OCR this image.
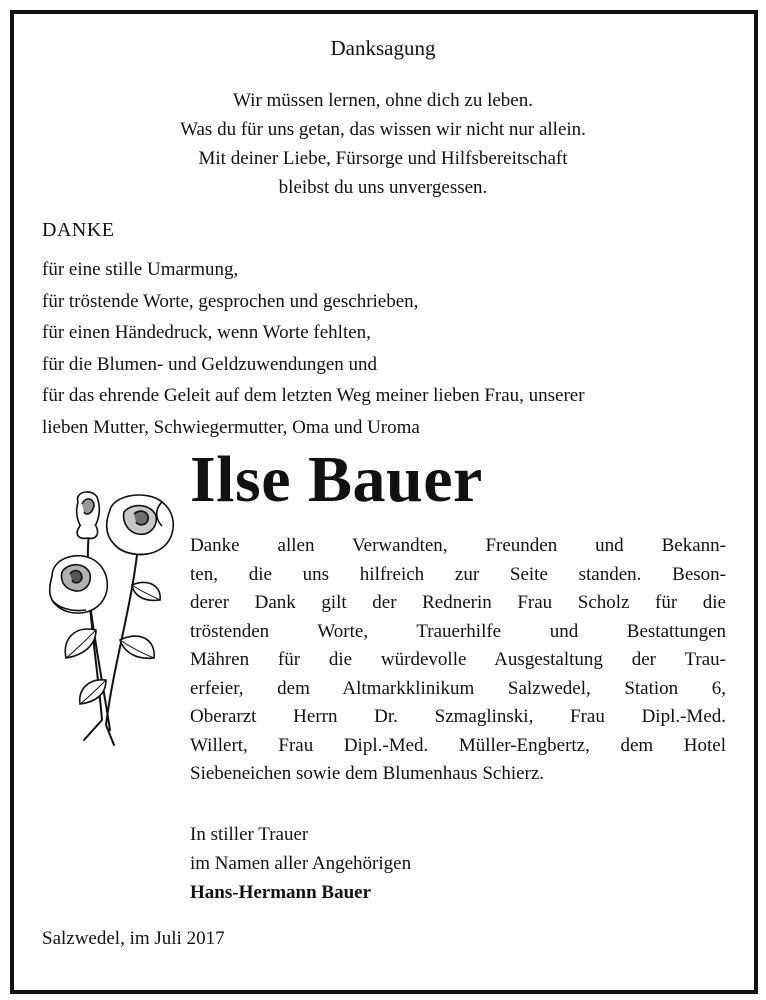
Danksagung
Wir müssen lernen, ohne dich zu leben.
Was du für uns getan, das wissen wir nicht nur allein.
Mit deiner Liebe, Fürsorge und Hilfsbereitschaft
bleibst du uns unvergessen.
DANKE
für eine stille Umarmung,
für tröstende Worte, gesprochen und geschrieben,
für einen Händedruck, wenn Worte fehlten,
für die Blumen- und Geldzuwendungen und
für das ehrende Geleit auf dem letzten Weg meiner lieben Frau, unserer
lieben Mutter, Schwiegermutter, Oma und Uroma
Ilse Bauer
Danke allen Verwandten, Freunden und Bekann-
ten, die uns hilfreich zur Seite standen. Beson-
derer Dank gilt der Rednerin Frau Scholz für die
tröstenden Worte, Trauerhilfe und Bestattungen
Mähren für die würdevolle Ausgestaltung der Trau-
erfeier, dem Altmarkklinikum Salzwedel, Station 6,
Oberarzt Herrn Dr. Szmaglinski, Frau Dipl.-Med.
Willert, Frau Dipl.-Med. Müller-Engbertz, dem Hotel
Siebeneichen sowie dem Blumenhaus Schierz.
In stiller Trauer
im Namen aller Angehörigen
Hans-Hermann Bauer
Salzwedel, im Juli 2017
